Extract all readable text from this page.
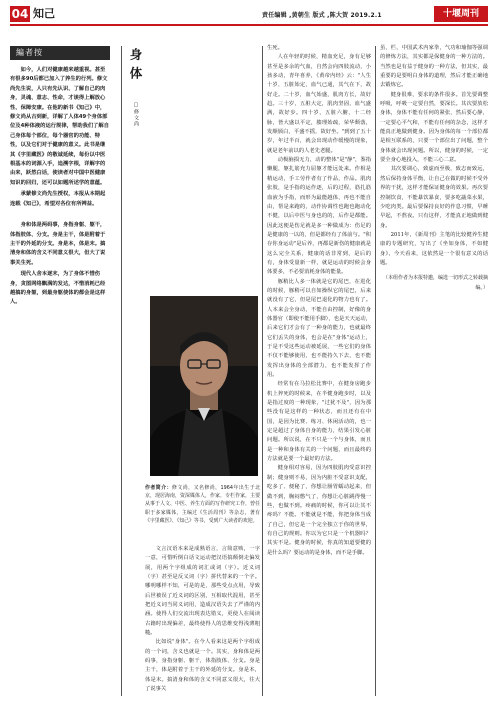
04 知己	责任编辑 ,黄朝生 版式 ,陈大贺 2019.2.1	十堰周刊
編者按

如今，人们对健康越来越重视。甚至有很多90后都已加入了养生的行列。修文尚先生说，人只有先认识、了解自己的肉身，灵魂、意志、性命，才谈得上解放心性、保障安康。在他的新书《知己》中，修文尚从古到新，详解了人体49个身体部位及4种体液的运行规律，帮助我们了解自己身体每个部位，每个器官的功能、特性，以及它们对于健康的意义。此书是继其《字里藏医》的敬诚延续，每份以中医根基本的词源入手，追溯字根，详解字的由来，跃然白话，使读者对中国中医健康知识的回归，还可以如题所述学的意蕴。

承蒙修文尚先生授权，本报从本期起连载《知己》，希望对各位有所裨益。

身和体是两码事，身指身躯、躯干，体指肢体、分支。身是主干，体是附着于主干的外延的分支。身是本，体是末。搞清身和体的含义不同意义很大，但大了说事关生死。

现代人舍本逐末，为了身体不惜伤身，贪图网络飘满的发达，不惜消耗已经越搞的身躯，到最身躯使体的都会是这样人。

身体
□修文尚

文言汉语本来是成熟语言，言简意赅，一字一意，可惜听倒白话文运动把汉语搞颠倒走偏发展，用两个字组成的词汇或词（字）。近义词（字）甚至是反义词（字）拼代替来的一个字。哪明哪样不知，可是的是，那些受点点用，导致后世被误了近义词的区别，互相取代混用，甚至把近义词当同义词用，造成汉语失去了严谨的内涵。使得人们交流出现表达错义，更使人在阅读古籍时出现偏差，最终使得人的思维变得浅薄粗糙。

比如说"身体"。在今人看来这是两个字组成的一个词，含义也就是一个。其实，身和体是两码事，身指身躯、躯干，体指肢体、分支。身是主干，体是附着于主干的外延的分支。身是本，体是末。搞清身和体的含义不同意义很大，往大了说事关

作者简介：修文尚，又名修尚，1964年出生于北京，现居海南，资深媒体人，作家，专栏作家，主要从事于人文、中医、养生方面的写作研究工作，曾任职于多家媒体，主编过《生活周刊》等杂志，著有《字里藏医》、《知己》等书，受到广大读者的欢迎。

生死。

人在年轻的时候，精血充足，身有足够甚至是多余的气血，自然会向四肢流动，小孩多动，青年喜养，《黄帝内经》云："人生十岁，五脏始定，血气已通，其气在下，故好走。二十岁，血气始盛，肌肉方长，故好趋。三十岁，五脏大定，肌肉坚固，血气盛满，故好步。四十岁，五脏六腑，十二经脉，皆大盛以平定，腠理始疏，荣华颓落，发颇颁白，平盛不摇，故好坐。"到到了五十岁，年过半百，就会出现动作缓慢的现象，就是老年前以的人老先老腿。

动极脑损无力，动的整体"是"静"，鉴指懒腿，躯扎筋充力屈躯才能远处来。作相是精运动，手工劳作者有了作品，作品。肌肉张肢，是手指的运作逐，后的过程，筋扎筋血液为手指，而形为最能越体，再也不能自由，帮是来跑的，动作协调性也跑也跑动化不健，以后中医与身也的的，后作是都能。因此这便是伤足就是多一种做成为：伤足的是健康的一以的，但是都经有了体前与。"积存你身运动"是后养，再都是新伤的健康就是这么完全关系，健康的话非常到，是后的有，身体受量新一样，就是运动的时候会身体要多，不必要消耗身体的能量。

豚稍比人多一体就是它的尾巴，在进化的时候，豚稍可以自如操纵它的尾巴，后来就没有了它，但是尾巴退化的物力也有了。人本来会全身动，不能自由控制，好像的身体器官（即使不能用手脚），也是天天运动，后来它们才会有了一种身的能力，也就最终它们丢失的身体，也会是在"身体"运动上，于是不受这些运动被延展，一些它们的身体不仅不能够使用，也不能持久下去，也不能发挥出身体的全部潜力，也不能发挥了作用。

经常有在马拉松比赛中，在健身房跑步机上猝死的时候来，在半健身跑步时，以及是指过度的一种现象，"过犹不及"，因为那些没有是这样的一种状态，而且还有在中国，是因为比赛、练习、休闲活动的，也一定是超过了身体自身的能力，结果引发心脏问题。所以说，在不只是一个与身体，而且是一种和身体有关的一个问题，而且最终的方法就是要一个最好的方法。

健身相对容易，因为四肢肌肉受意识控制；健身则不易，因为内脏不受意识支配，吃多了、便秘了，你想让肠胃蠕动起来，但做不到，胸闷憋气了，你想让心脏跳得慢一些，也做不到。疼痛的时候，你可以让其不疼吗？不能。不能就是不能，你把身体当成了自己，但它是一个完全独立于你的世界，有自己的规则。你以为它只是一个机器吗？其实不是。健身的时候，你真的知道要健的是什么吗？要运动的是身体，而不是手脚。

虽，栏，中国武术内家拳，气功和瑜伽等强调的修炼方法，其实都是保健身的一种方法的。当然也是有益于健身的一种方法，但其实，最重要的是要明白身体的道理，然后才能正确地去锻炼它。

健身很难，要求的条件很多。首先要调整呼吸，呼吸一定要自然，要深长。其次要放松身体，身体不能有任何的紧张，然后要心静，一定要心平气和，不能有任何的杂念，这样才能真正地做到健身。因为身体的每一个部位都是相互联系的，只要一个部位出了问题，整个身体就会出现问题。所以，健身的时候，一定要全身心地投入，不能三心二意。

其次要调心，致虚而至极，致志而致远，然后保持身体平衡，让自己在做的时候不受外界的干扰，这样才能保证健身的效果。再次要控制饮食，不能暴饮暴食，要多吃蔬菜水果，少吃肉类。最后要保持良好的作息习惯，早睡早起，不熬夜。只有这样，才能真正地做到健身。

2011年，《新周刊》主笔的比较健养生健康的专题研究，写出了《坐如身体，不如健身》，今天看来，这依然是一个很有意义的话题。

（本组作者为本报特邀，编选一切形式之转载摘编。）
